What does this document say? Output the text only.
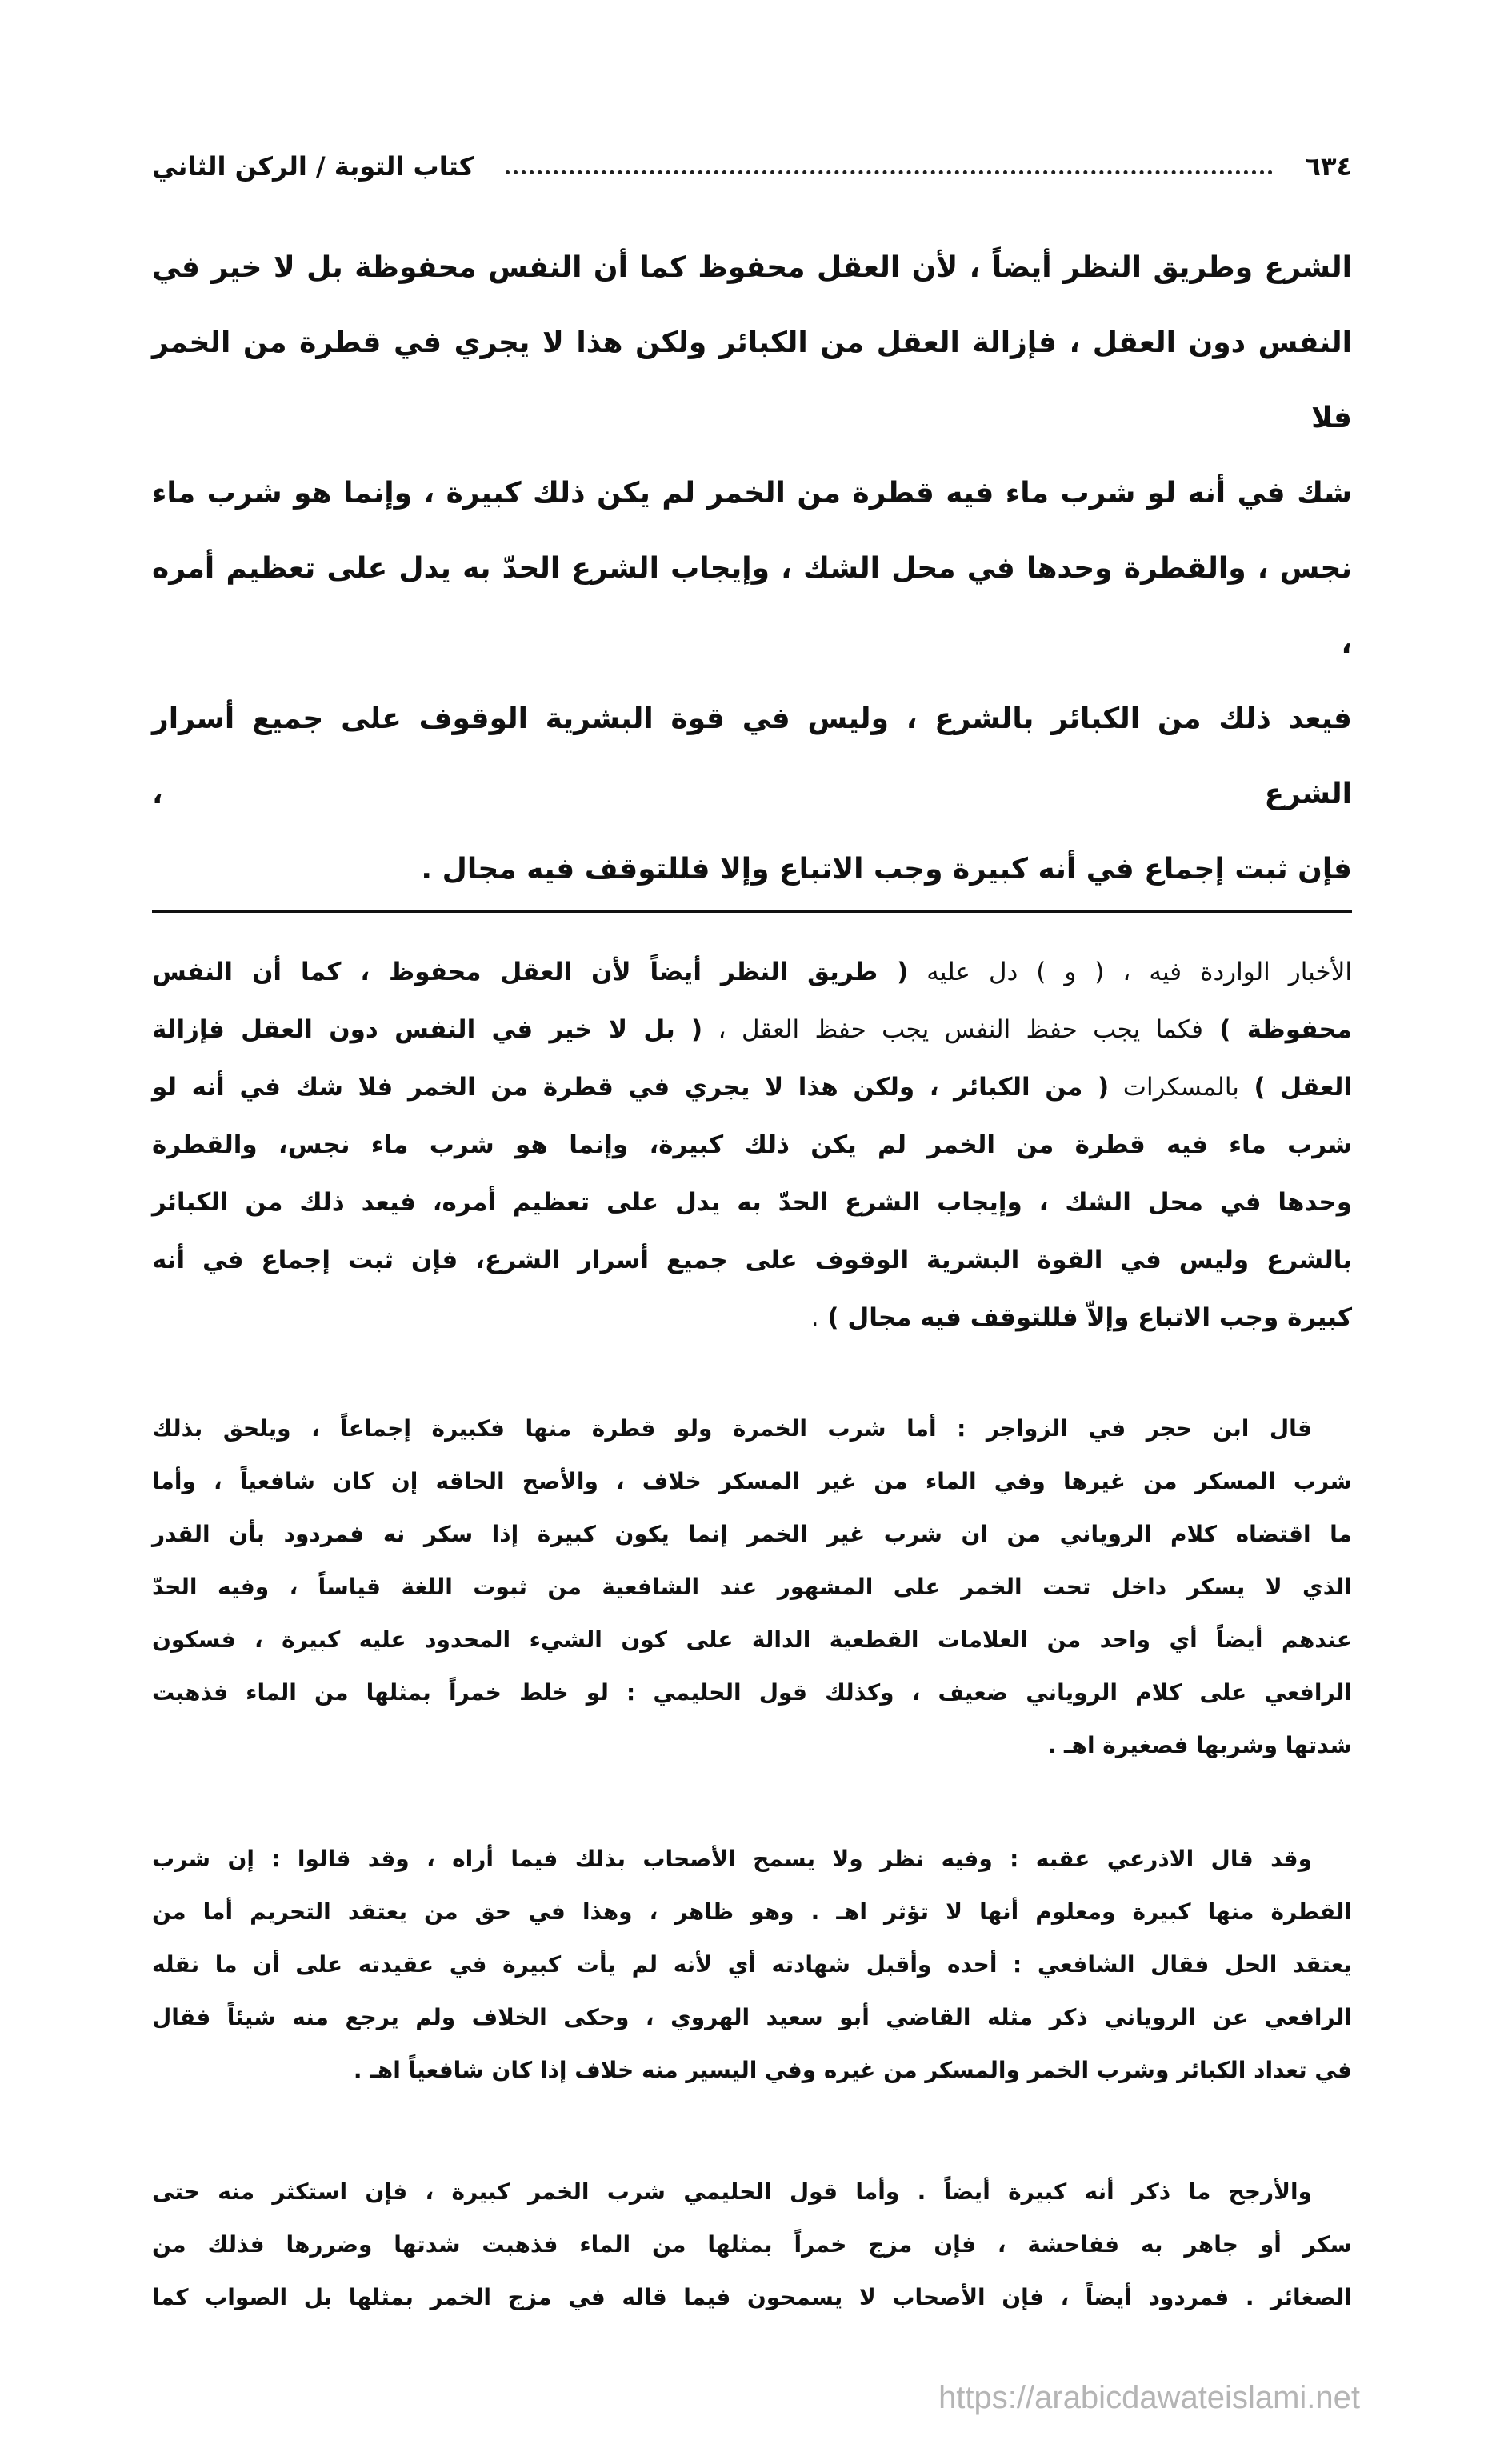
٦٣٤
كتاب التوبة / الركن الثاني
الشرع وطريق النظر أيضاً ، لأن العقل محفوظ كما أن النفس محفوظة بل لا خير في
النفس دون العقل ، فإزالة العقل من الكبائر ولكن هذا لا يجري في قطرة من الخمر فلا
شك في أنه لو شرب ماء فيه قطرة من الخمر لم يكن ذلك كبيرة ، وإنما هو شرب ماء
نجس ، والقطرة وحدها في محل الشك ، وإيجاب الشرع الحدّ به يدل على تعظيم أمره ،
فيعد ذلك من الكبائر بالشرع ، وليس في قوة البشرية الوقوف على جميع أسرار الشرع ،
فإن ثبت إجماع في أنه كبيرة وجب الاتباع وإلا فللتوقف فيه مجال .
الأخبار الواردة فيه ، ( و ) دل عليه ( طريق النظر أيضاً لأن العقل محفوظ ، كما أن النفس
محفوظة ) فكما يجب حفظ النفس يجب حفظ العقل ، ( بل لا خير في النفس دون العقل فإزالة
العقل ) بالمسكرات ( من الكبائر ، ولكن هذا لا يجري في قطرة من الخمر فلا شك في أنه لو
شرب ماء فيه قطرة من الخمر لم يكن ذلك كبيرة، وإنما هو شرب ماء نجس، والقطرة
وحدها في محل الشك ، وإيجاب الشرع الحدّ به يدل على تعظيم أمره، فيعد ذلك من الكبائر
بالشرع وليس في القوة البشرية الوقوف على جميع أسرار الشرع، فإن ثبت إجماع في أنه
كبيرة وجب الاتباع وإلاّ فللتوقف فيه مجال ) .
قال ابن حجر في الزواجر : أما شرب الخمرة ولو قطرة منها فكبيرة إجماعاً ، ويلحق بذلك
شرب المسكر من غيرها وفي الماء من غير المسكر خلاف ، والأصح الحاقه إن كان شافعياً ، وأما
ما اقتضاه كلام الروياني من ان شرب غير الخمر إنما يكون كبيرة إذا سكر نه فمردود بأن القدر
الذي لا يسكر داخل تحت الخمر على المشهور عند الشافعية من ثبوت اللغة قياساً ، وفيه الحدّ
عندهم أيضاً أي واحد من العلامات القطعية الدالة على كون الشيء المحدود عليه كبيرة ، فسكون
الرافعي على كلام الروياني ضعيف ، وكذلك قول الحليمي : لو خلط خمراً بمثلها من الماء فذهبت
شدتها وشربها فصغيرة اهـ .
وقد قال الاذرعي عقبه : وفيه نظر ولا يسمح الأصحاب بذلك فيما أراه ، وقد قالوا : إن شرب
القطرة منها كبيرة ومعلوم أنها لا تؤثر اهـ . وهو ظاهر ، وهذا في حق من يعتقد التحريم أما من
يعتقد الحل فقال الشافعي : أحده وأقبل شهادته أي لأنه لم يأت كبيرة في عقيدته على أن ما نقله
الرافعي عن الروياني ذكر مثله القاضي أبو سعيد الهروي ، وحكى الخلاف ولم يرجع منه شيئاً فقال
في تعداد الكبائر وشرب الخمر والمسكر من غيره وفي اليسير منه خلاف إذا كان شافعياً اهـ .
والأرجح ما ذكر أنه كبيرة أيضاً . وأما قول الحليمي شرب الخمر كبيرة ، فإن استكثر منه حتى
سكر أو جاهر به ففاحشة ، فإن مزج خمراً بمثلها من الماء فذهبت شدتها وضررها فذلك من
الصغائر . فمردود أيضاً ، فإن الأصحاب لا يسمحون فيما قاله في مزج الخمر بمثلها بل الصواب كما
https://arabicdawateislami.net
